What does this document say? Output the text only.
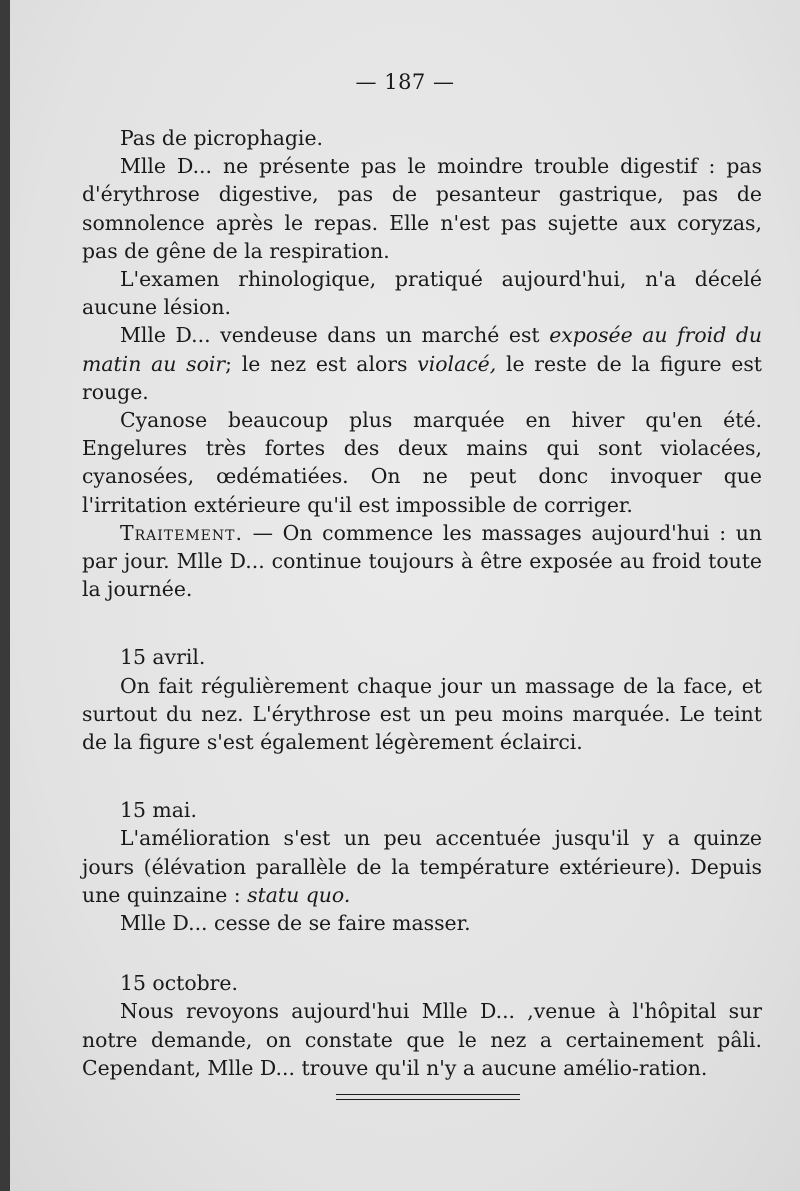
— 187 —

Pas de picrophagie.

Mlle D... ne présente pas le moindre trouble digestif : pas d'érythrose digestive, pas de pesanteur gastrique, pas de somnolence après le repas. Elle n'est pas sujette aux coryzas, pas de gêne de la respiration.

L'examen rhinologique, pratiqué aujourd'hui, n'a décelé aucune lésion.

Mlle D... vendeuse dans un marché est exposée au froid du matin au soir; le nez est alors violacé, le reste de la figure est rouge.

Cyanose beaucoup plus marquée en hiver qu'en été. Engelures très fortes des deux mains qui sont violacées, cyanosées, œdématiées. On ne peut donc invoquer que l'irritation extérieure qu'il est impossible de corriger.

Traitement. — On commence les massages aujourd'hui : un par jour. Mlle D... continue toujours à être exposée au froid toute la journée.

15 avril.

On fait régulièrement chaque jour un massage de la face, et surtout du nez. L'érythrose est un peu moins marquée. Le teint de la figure s'est également légèrement éclairci.

15 mai.

L'amélioration s'est un peu accentuée jusqu'il y a quinze jours (élévation parallèle de la température extérieure). Depuis une quinzaine : statu quo.

Mlle D... cesse de se faire masser.

15 octobre.

Nous revoyons aujourd'hui Mlle D... ,venue à l'hôpital sur notre demande, on constate que le nez a certainement pâli. Cependant, Mlle D... trouve qu'il n'y a aucune amélio-ration.
